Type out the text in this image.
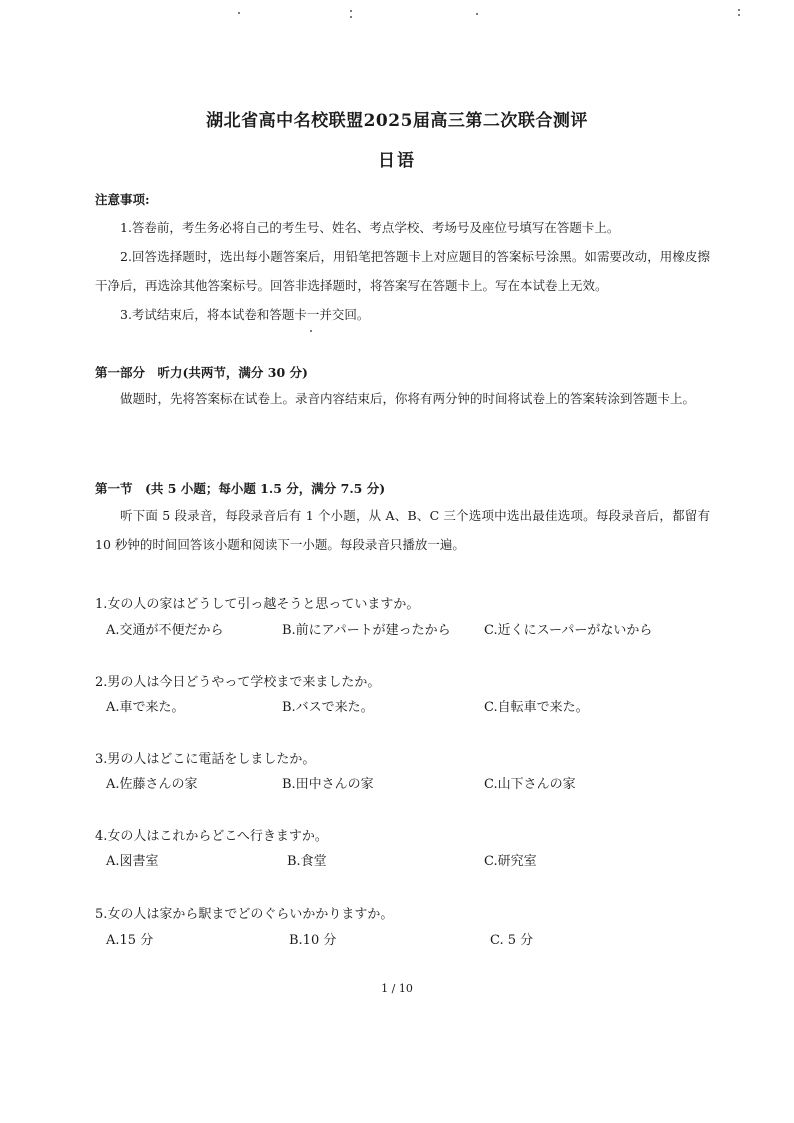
湖北省高中名校联盟2025届高三第二次联合测评
日语
注意事项:
1.答卷前，考生务必将自己的考生号、姓名、考点学校、考场号及座位号填写在答题卡上。
2.回答选择题时，选出每小题答案后，用铅笔把答题卡上对应题目的答案标号涂黑。如需要改动，用橡皮擦干净后，再选涂其他答案标号。回答非选择题时，将答案写在答题卡上。写在本试卷上无效。
3.考试结束后，将本试卷和答题卡一并交回。
第一部分　听力(共两节，满分 30 分)
做题时，先将答案标在试卷上。录音内容结束后，你将有两分钟的时间将试卷上的答案转涂到答题卡上。
第一节　(共 5 小题；每小题 1.5 分，满分 7.5 分)
听下面 5 段录音，每段录音后有 1 个小题，从 A、B、C 三个选项中选出最佳选项。每段录音后，都留有 10 秒钟的时间回答该小题和阅读下一小题。每段录音只播放一遍。
1.女の人の家はどうして引っ越そうと思っていますか。
A.交通が不便だから	B.前にアパートが建ったから	C.近くにスーパーがないから
2.男の人は今日どうやって学校まで来ましたか。
A.車で来た。	B.バスで来た。	C.自転車で来た。
3.男の人はどこに電話をしましたか。
A.佐藤さんの家	B.田中さんの家	C.山下さんの家
4.女の人はこれからどこへ行きますか。
A.図書室	B.食堂	C.研究室
5.女の人は家から駅までどのぐらいかかりますか。
A.15 分	B.10 分	C. 5 分
1 / 10
